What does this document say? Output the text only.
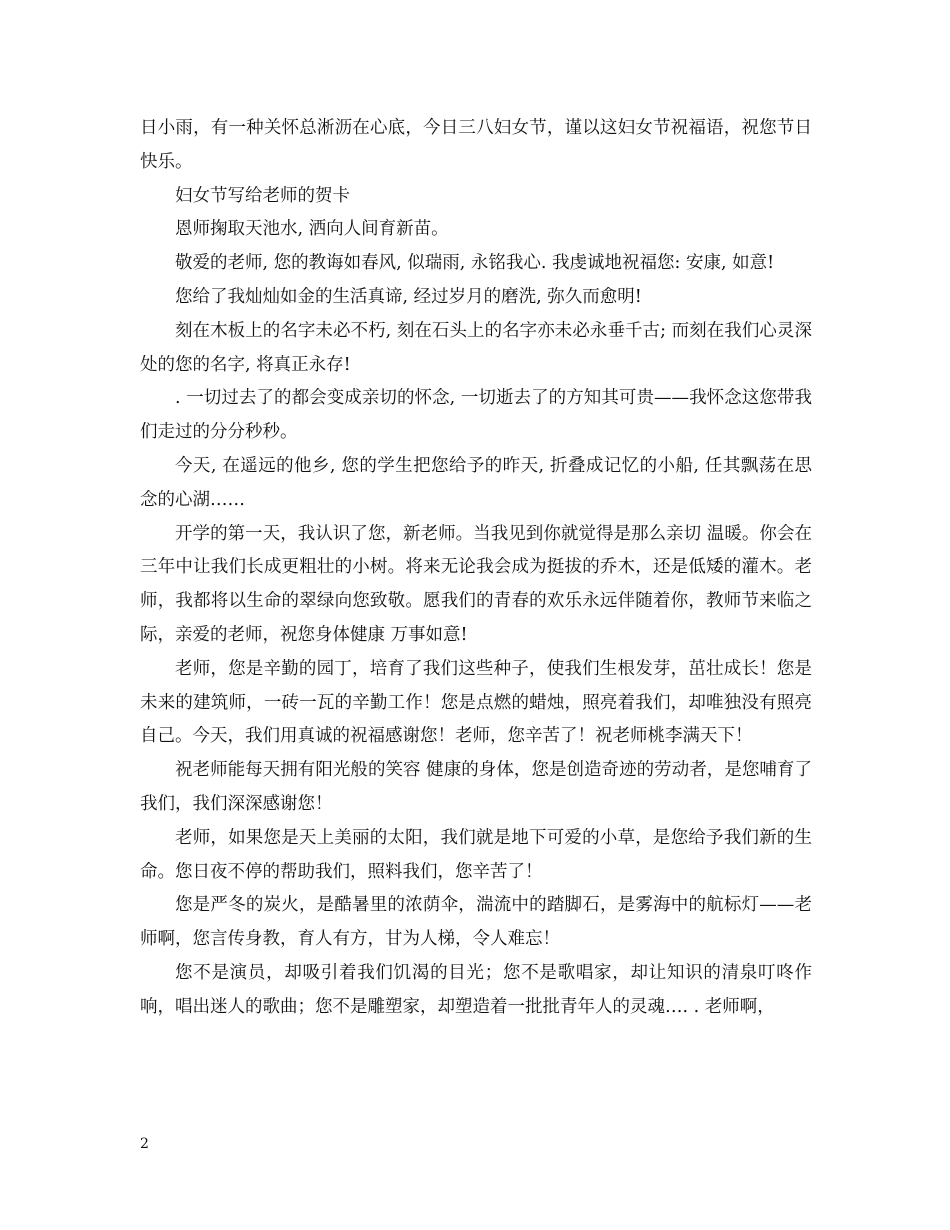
日小雨，有一种关怀总淅沥在心底，今日三八妇女节，谨以这妇女节祝福语，祝您节日快乐。

妇女节写给老师的贺卡

恩师掬取天池水, 洒向人间育新苗。

敬爱的老师, 您的教诲如春风, 似瑞雨, 永铭我心. 我虔诚地祝福您: 安康, 如意!

您给了我灿灿如金的生活真谛, 经过岁月的磨洗, 弥久而愈明!

刻在木板上的名字未必不朽, 刻在石头上的名字亦未必永垂千古; 而刻在我们心灵深处的您的名字, 将真正永存!

. 一切过去了的都会变成亲切的怀念, 一切逝去了的方知其可贵——我怀念这您带我们走过的分分秒秒。

今天, 在遥远的他乡, 您的学生把您给予的昨天, 折叠成记忆的小船, 任其飘荡在思念的心湖……

开学的第一天，我认识了您，新老师。当我见到你就觉得是那么亲切 温暖。你会在三年中让我们长成更粗壮的小树。将来无论我会成为挺拔的乔木，还是低矮的灌木。老师，我都将以生命的翠绿向您致敬。愿我们的青春的欢乐永远伴随着你，教师节来临之际，亲爱的老师，祝您身体健康 万事如意!

老师，您是辛勤的园丁，培育了我们这些种子，使我们生根发芽，茁壮成长！您是未来的建筑师，一砖一瓦的辛勤工作！您是点燃的蜡烛，照亮着我们，却唯独没有照亮自己。今天，我们用真诚的祝福感谢您！老师，您辛苦了！祝老师桃李满天下！

祝老师能每天拥有阳光般的笑容 健康的身体，您是创造奇迹的劳动者，是您哺育了我们，我们深深感谢您！

老师，如果您是天上美丽的太阳，我们就是地下可爱的小草，是您给予我们新的生命。您日夜不停的帮助我们，照料我们，您辛苦了！

您是严冬的炭火，是酷暑里的浓荫伞，湍流中的踏脚石，是雾海中的航标灯——老师啊，您言传身教，育人有方，甘为人梯，令人难忘！

您不是演员，却吸引着我们饥渴的目光；您不是歌唱家，却让知识的清泉叮咚作响，唱出迷人的歌曲；您不是雕塑家，却塑造着一批批青年人的灵魂…. . 老师啊，

2
